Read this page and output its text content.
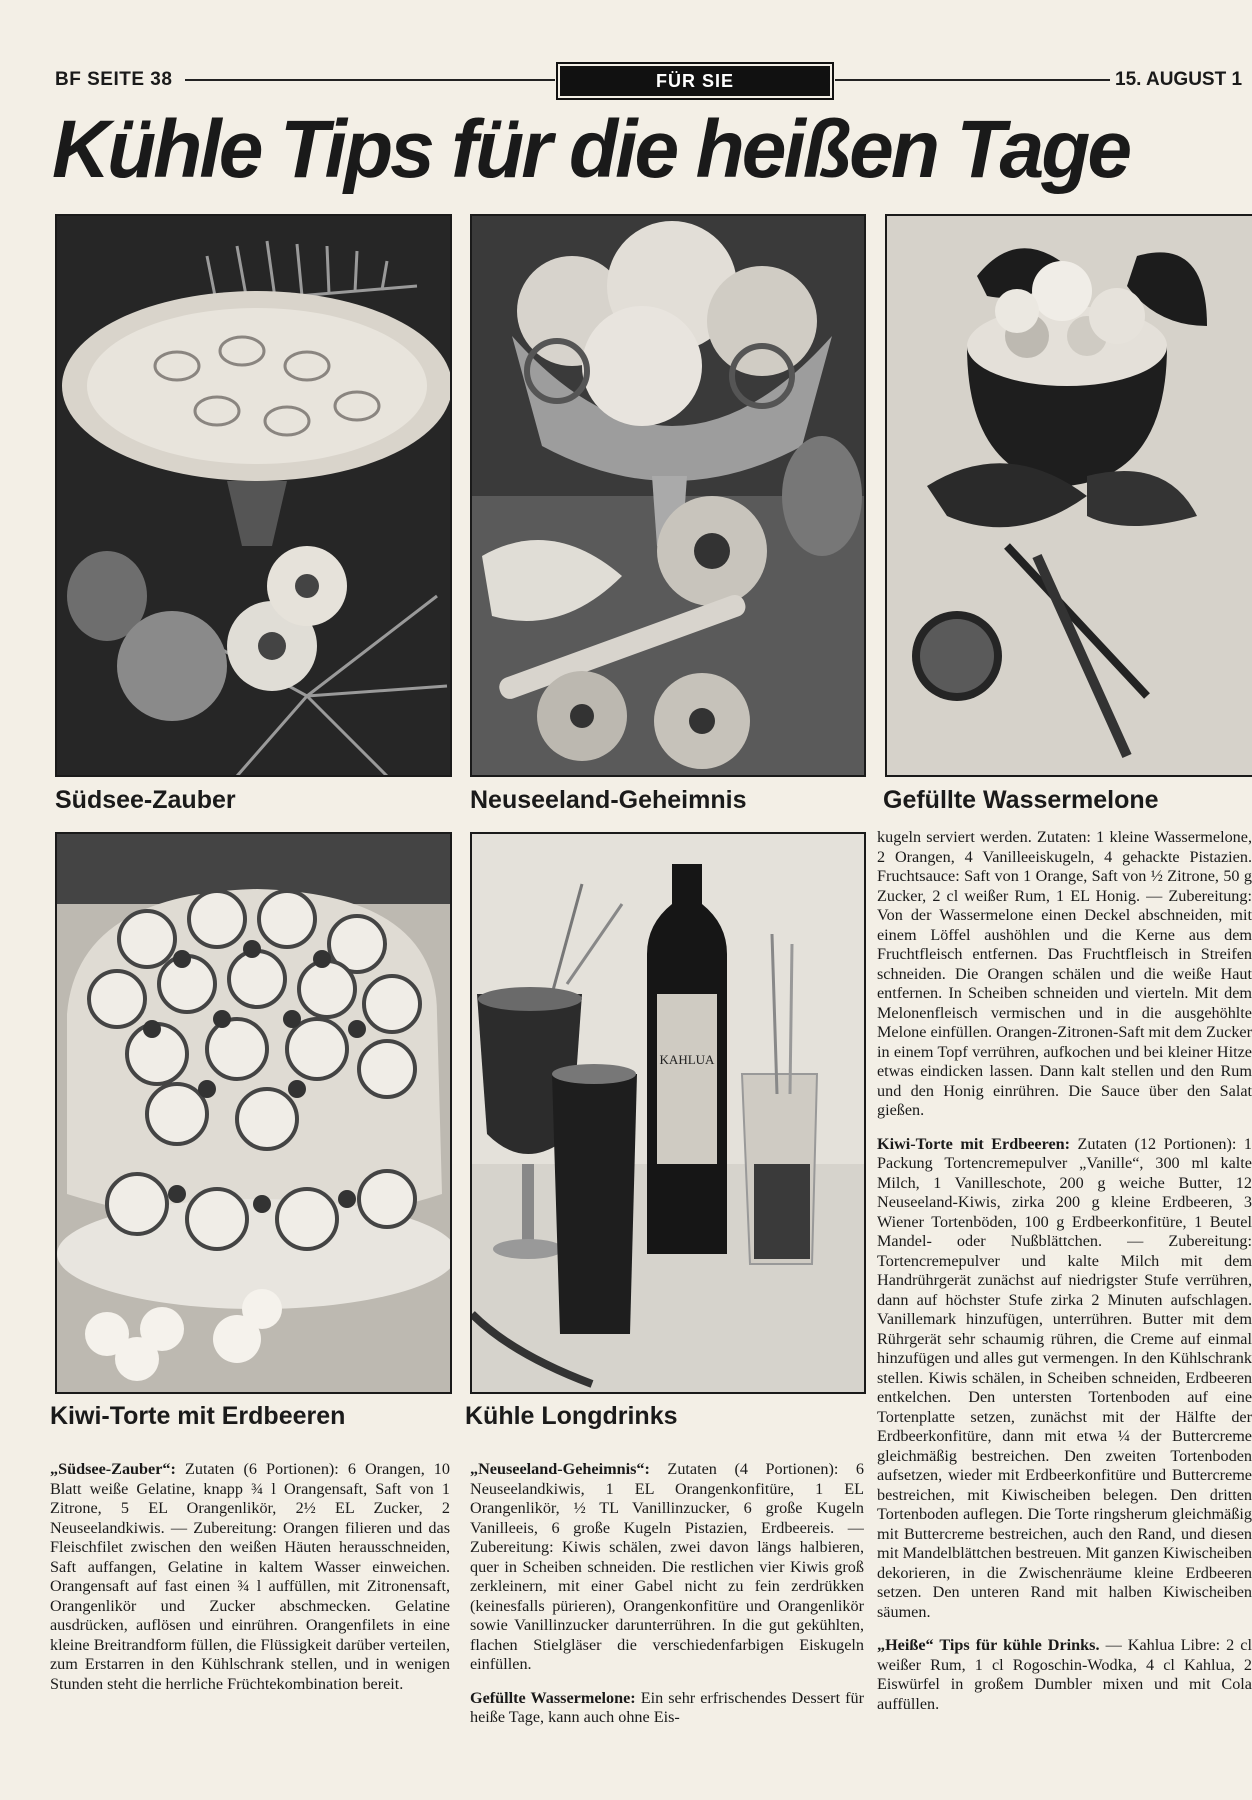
BF SEITE 38	FÜR SIE	15. AUGUST 1
Kühle Tips für die heißen Tage
Südsee-Zauber	Neuseeland-Geheimnis	Gefüllte Wassermelone
Kiwi-Torte mit Erdbeeren
KAHLUA
Kühle Longdrinks

„Südsee-Zauber“: Zutaten (6 Portionen): 6 Orangen, 10 Blatt weiße Gelatine, knapp ¾ l Orangensaft, Saft von 1 Zitrone, 5 EL Orangenlikör, 2½ EL Zucker, 2 Neuseelandkiwis. — Zubereitung: Orangen filieren und das Fleischfilet zwischen den weißen Häuten herausschneiden, Saft auffangen, Gelatine in kaltem Wasser einweichen. Orangensaft auf fast einen ¾ l auffüllen, mit Zitronensaft, Orangenlikör und Zucker abschmecken. Gelatine ausdrücken, auflösen und einrühren. Orangenfilets in eine kleine Breitrandform füllen, die Flüssigkeit darüber verteilen, zum Erstarren in den Kühlschrank stellen, und in wenigen Stunden steht die herrliche Früchtekombination bereit.

„Neuseeland-Geheimnis“: Zutaten (4 Portionen): 6 Neuseelandkiwis, 1 EL Orangenkonfitüre, 1 EL Orangenlikör, ½ TL Vanillinzucker, 6 große Kugeln Vanilleeis, 6 große Kugeln Pistazien, Erdbeereis. — Zubereitung: Kiwis schälen, zwei davon längs halbieren, quer in Scheiben schneiden. Die restlichen vier Kiwis groß zerkleinern, mit einer Gabel nicht zu fein zerdrükken (keinesfalls pürieren), Orangenkonfitüre und Orangenlikör sowie Vanillinzucker darunterrühren. In die gut gekühlten, flachen Stielgläser die verschiedenfarbigen Eiskugeln einfüllen.

Gefüllte Wassermelone: Ein sehr erfrischendes Dessert für heiße Tage, kann auch ohne Eis-

kugeln serviert werden. Zutaten: 1 kleine Wassermelone, 2 Orangen, 4 Vanilleeiskugeln, 4 gehackte Pistazien. Fruchtsauce: Saft von 1 Orange, Saft von ½ Zitrone, 50 g Zucker, 2 cl weißer Rum, 1 EL Honig. — Zubereitung: Von der Wassermelone einen Deckel abschneiden, mit einem Löffel aushöhlen und die Kerne aus dem Fruchtfleisch entfernen. Das Fruchtfleisch in Streifen schneiden. Die Orangen schälen und die weiße Haut entfernen. In Scheiben schneiden und vierteln. Mit dem Melonenfleisch vermischen und in die ausgehöhlte Melone einfüllen. Orangen-Zitronen-Saft mit dem Zucker in einem Topf verrühren, aufkochen und bei kleiner Hitze etwas eindicken lassen. Dann kalt stellen und den Rum und den Honig einrühren. Die Sauce über den Salat gießen.

Kiwi-Torte mit Erdbeeren: Zutaten (12 Portionen): 1 Packung Tortencremepulver „Vanille“, 300 ml kalte Milch, 1 Vanilleschote, 200 g weiche Butter, 12 Neuseeland-Kiwis, zirka 200 g kleine Erdbeeren, 3 Wiener Tortenböden, 100 g Erdbeerkonfitüre, 1 Beutel Mandel- oder Nußblättchen. — Zubereitung: Tortencremepulver und kalte Milch mit dem Handrührgerät zunächst auf niedrigster Stufe verrühren, dann auf höchster Stufe zirka 2 Minuten aufschlagen. Vanillemark hinzufügen, unterrühren. Butter mit dem Rührgerät sehr schaumig rühren, die Creme auf einmal hinzufügen und alles gut vermengen. In den Kühlschrank stellen. Kiwis schälen, in Scheiben schneiden, Erdbeeren entkelchen. Den untersten Tortenboden auf eine Tortenplatte setzen, zunächst mit der Hälfte der Erdbeerkonfitüre, dann mit etwa ¼ der Buttercreme gleichmäßig bestreichen. Den zweiten Tortenboden aufsetzen, wieder mit Erdbeerkonfitüre und Buttercreme bestreichen, mit Kiwischeiben belegen. Den dritten Tortenboden auflegen. Die Torte ringsherum gleichmäßig mit Buttercreme bestreichen, auch den Rand, und diesen mit Mandelblättchen bestreuen. Mit ganzen Kiwischeiben dekorieren, in die Zwischenräume kleine Erdbeeren setzen. Den unteren Rand mit halben Kiwischeiben säumen.

„Heiße“ Tips für kühle Drinks. — Kahlua Libre: 2 cl weißer Rum, 1 cl Rogoschin-Wodka, 4 cl Kahlua, 2 Eiswürfel in großem Dumbler mixen und mit Cola auffüllen.
